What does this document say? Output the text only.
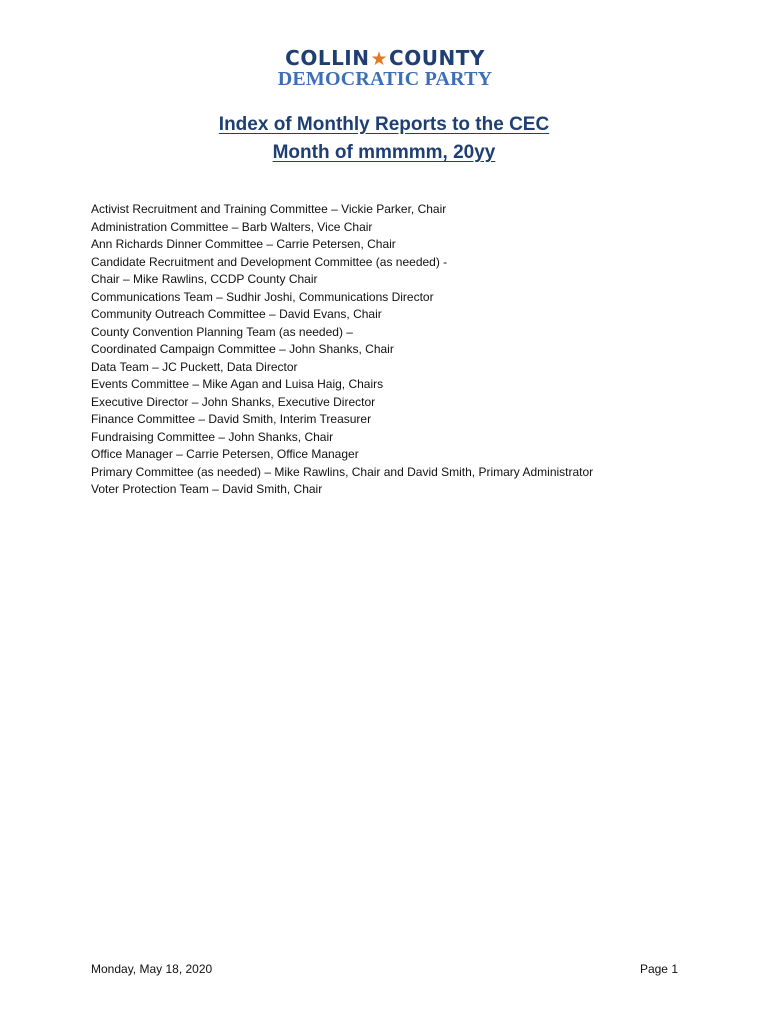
COLLIN★COUNTY
DEMOCRATIC PARTY
Index of Monthly Reports to the CEC
Month of mmmmm, 20yy
Activist Recruitment and Training Committee – Vickie Parker, Chair
Administration Committee – Barb Walters, Vice Chair
Ann Richards Dinner Committee – Carrie Petersen, Chair
Candidate Recruitment and Development Committee (as needed) -
Chair – Mike Rawlins, CCDP County Chair
Communications Team – Sudhir Joshi, Communications Director
Community Outreach Committee – David Evans, Chair
County Convention Planning Team (as needed) –
Coordinated Campaign Committee – John Shanks, Chair
Data Team – JC Puckett, Data Director
Events Committee – Mike Agan and Luisa Haig, Chairs
Executive Director – John Shanks, Executive Director
Finance Committee – David Smith, Interim Treasurer
Fundraising Committee – John Shanks, Chair
Office Manager – Carrie Petersen, Office Manager
Primary Committee (as needed) – Mike Rawlins, Chair and David Smith, Primary Administrator
Voter Protection Team – David Smith, Chair
Monday, May 18, 2020	Page 1
